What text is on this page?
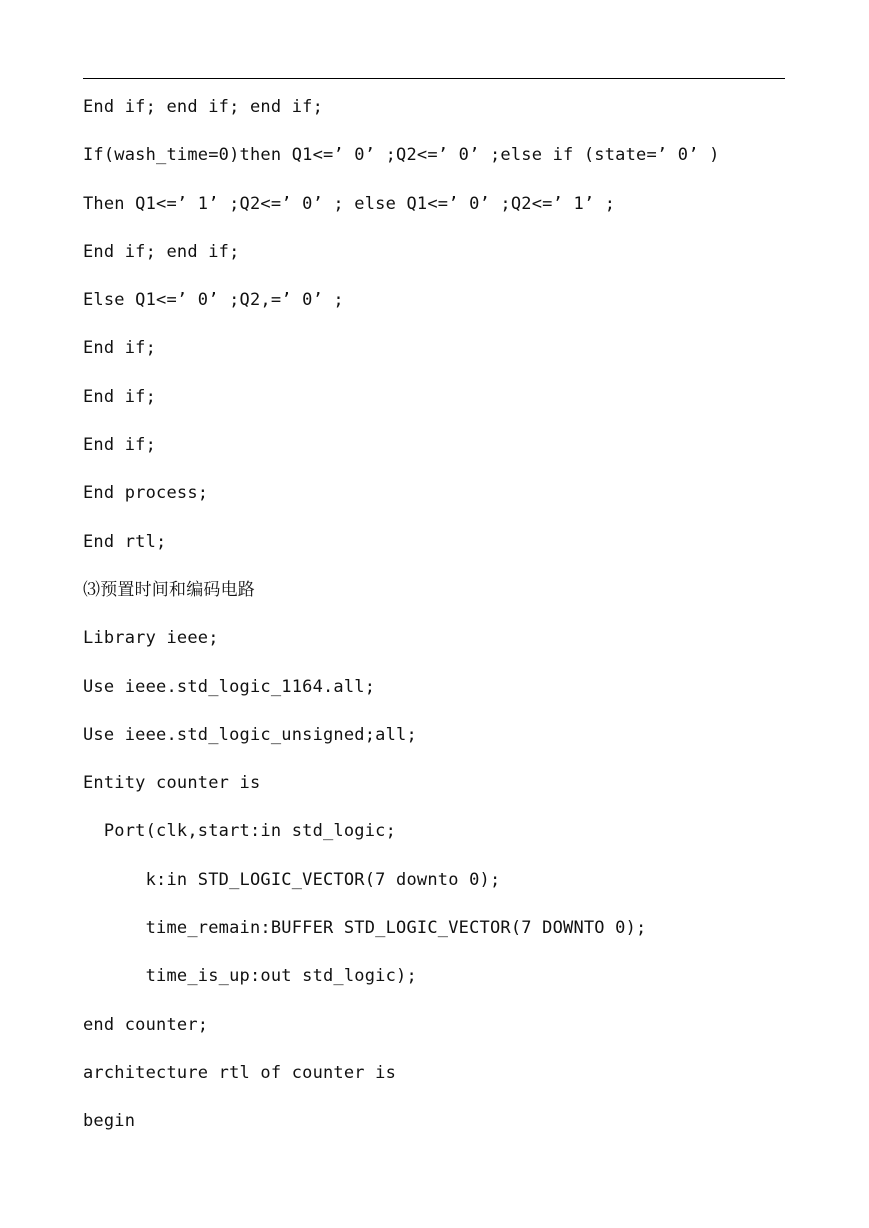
End if; end if; end if;
If(wash_time=0)then Q1<=’ 0’ ;Q2<=’ 0’ ;else if (state=’ 0’ )
Then Q1<=’ 1’ ;Q2<=’ 0’ ; else Q1<=’ 0’ ;Q2<=’ 1’ ;
End if; end if;
Else Q1<=’ 0’ ;Q2,=’ 0’ ;
End if;
End if;
End if;
End process;
End rtl;
⑶预置时间和编码电路
Library ieee;
Use ieee.std_logic_1164.all;
Use ieee.std_logic_unsigned;all;
Entity counter is
Port(clk,start:in std_logic;
k:in STD_LOGIC_VECTOR(7 downto 0);
time_remain:BUFFER STD_LOGIC_VECTOR(7 DOWNTO 0);
time_is_up:out std_logic);
end counter;
architecture rtl of counter is
begin
